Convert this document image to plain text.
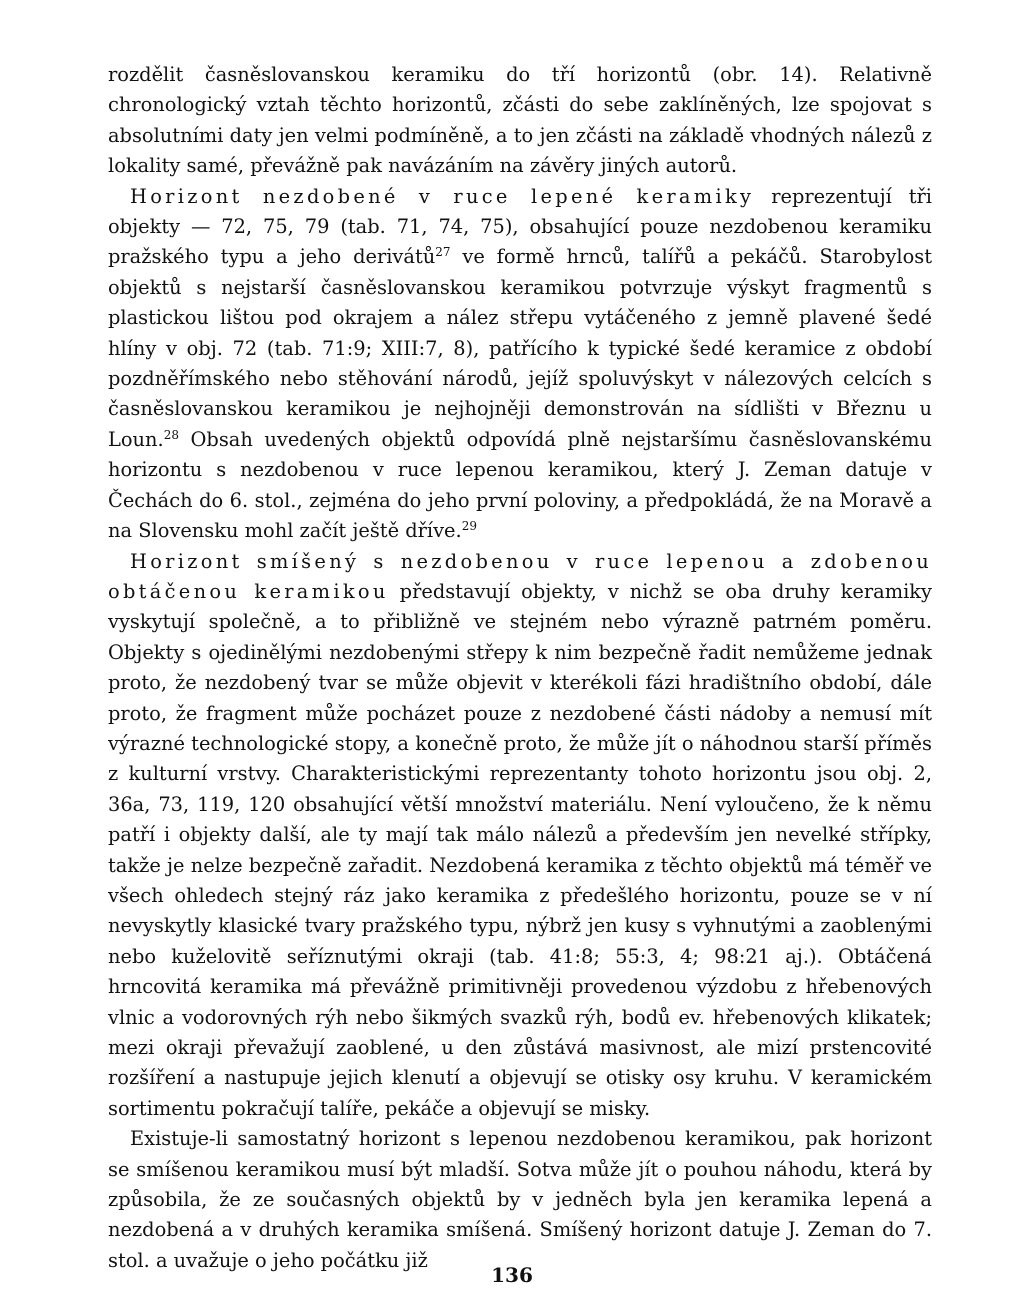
rozdělit časněslovanskou keramiku do tří horizontů (obr. 14). Relativně chronologický vztah těchto horizontů, zčásti do sebe zaklíněných, lze spojovat s absolutními daty jen velmi podmíněně, a to jen zčásti na základě vhodných nálezů z lokality samé, převážně pak navázáním na závěry jiných autorů.

Horizont nezdobené v ruce lepené keramiky reprezentují tři objekty — 72, 75, 79 (tab. 71, 74, 75), obsahující pouze nezdobenou keramiku pražského typu a jeho derivátů$^{27}$ ve formě hrnců, talířů a pekáčů. Starobylost objektů s nejstarší časněslovanskou keramikou potvrzuje výskyt fragmentů s plastickou lištou pod okrajem a nález střepu vytáčeného z jemně plavené šedé hlíny v obj. 72 (tab. 71:9; XIII:7, 8), patřícího k typické šedé keramice z období pozdněřímského nebo stěhování národů, jejíž spoluvýskyt v nálezových celcích s časněslovanskou keramikou je nejhojněji demonstrován na sídlišti v Březnu u Loun.$^{28}$ Obsah uvedených objektů odpovídá plně nejstaršímu časněslovanskému horizontu s nezdobenou v ruce lepenou keramikou, který J. Zeman datuje v Čechách do 6. stol., zejména do jeho první poloviny, a předpokládá, že na Moravě a na Slovensku mohl začít ještě dříve.$^{29}$

Horizont smíšený s nezdobenou v ruce lepenou a zdobenou obtáčenou keramikou představují objekty, v nichž se oba druhy keramiky vyskytují společně, a to přibližně ve stejném nebo výrazně patrném poměru. Objekty s ojedinělými nezdobenými střepy k nim bezpečně řadit nemůžeme jednak proto, že nezdobený tvar se může objevit v kterékoli fázi hradištního období, dále proto, že fragment může pocházet pouze z nezdobené části nádoby a nemusí mít výrazné technologické stopy, a konečně proto, že může jít o náhodnou starší příměs z kulturní vrstvy. Charakteristickými reprezentanty tohoto horizontu jsou obj. 2, 36a, 73, 119, 120 obsahující větší množství materiálu. Není vyloučeno, že k němu patří i objekty další, ale ty mají tak málo nálezů a především jen nevelké střípky, takže je nelze bezpečně zařadit. Nezdobená keramika z těchto objektů má téměř ve všech ohledech stejný ráz jako keramika z předešlého horizontu, pouze se v ní nevyskytly klasické tvary pražského typu, nýbrž jen kusy s vyhnutými a zaoblenými nebo kuželovitě seříznutými okraji (tab. 41:8; 55:3, 4; 98:21 aj.). Obtáčená hrncovitá keramika má převážně primitivněji provedenou výzdobu z hřebenových vlnic a vodorovných rýh nebo šikmých svazků rýh, bodů ev. hřebenových klikatek; mezi okraji převažují zaoblené, u den zůstává masivnost, ale mizí prstencovité rozšíření a nastupuje jejich klenutí a objevují se otisky osy kruhu. V keramickém sortimentu pokračují talíře, pekáče a objevují se misky.

Existuje-li samostatný horizont s lepenou nezdobenou keramikou, pak horizont se smíšenou keramikou musí být mladší. Sotva může jít o pouhou náhodu, která by způsobila, že ze současných objektů by v jedněch byla jen keramika lepená a nezdobená a v druhých keramika smíšená. Smíšený horizont datuje J. Zeman do 7. stol. a uvažuje o jeho počátku již

136
